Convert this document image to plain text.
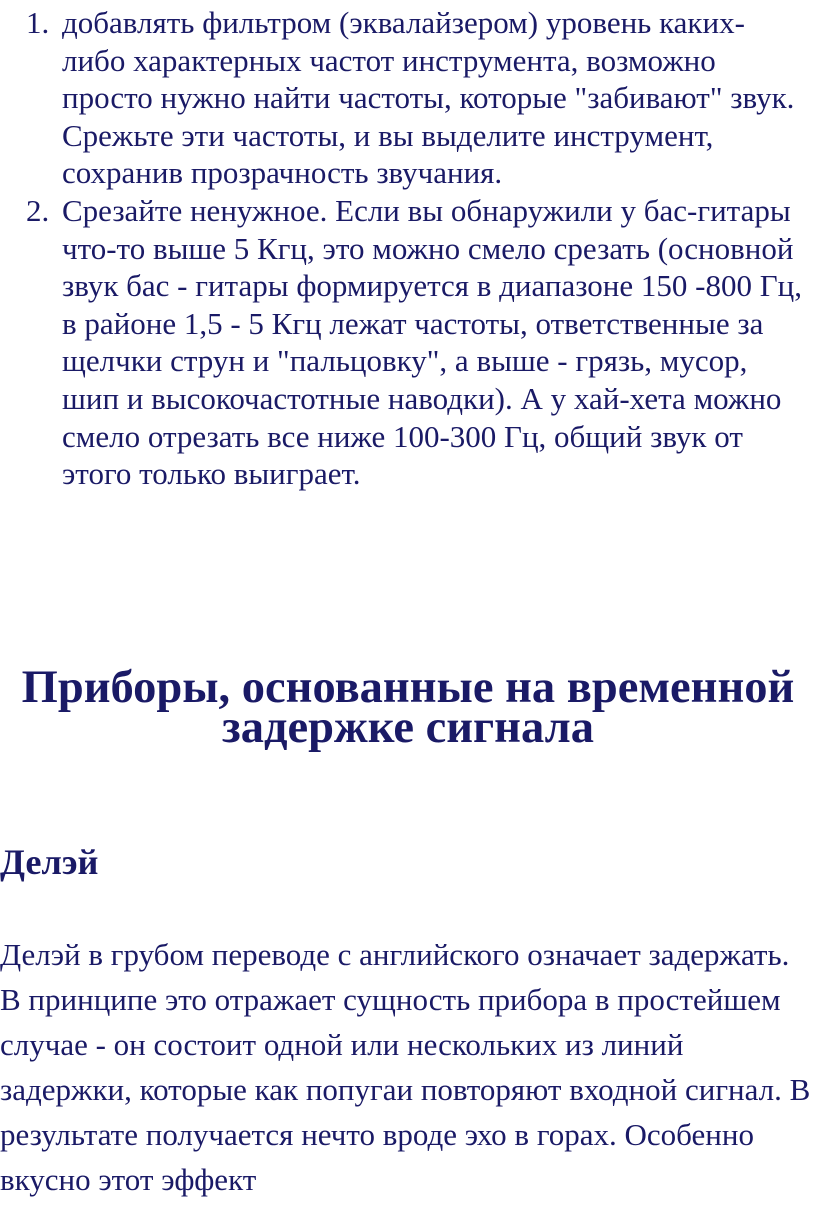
1. добавлять фильтром (эквалайзером) уровень каких-либо характерных частот инструмента, возможно просто нужно найти частоты, которые "забивают" звук. Срежьте эти частоты, и вы выделите инструмент, сохранив прозрачность звучания.
2. Срезайте ненужное. Если вы обнаружили у бас-гитары что-то выше 5 Кгц, это можно смело срезать (основной звук бас - гитары формируется в диапазоне 150 -800 Гц, в районе 1,5 - 5 Кгц лежат частоты, ответственные за щелчки струн и "пальцовку", а выше - грязь, мусор, шип и высокочастотные наводки). А у хай-хета можно смело отрезать все ниже 100-300 Гц, общий звук от этого только выиграет.
Приборы, основанные на временной задержке сигнала
Делэй

Делэй в грубом переводе с английского означает задержать. В принципе это отражает сущность прибора в простейшем случае - он состоит одной или нескольких из линий задержки, которые как попугаи повторяют входной сигнал. В результате получается нечто вроде эхо в горах. Особенно вкусно этот эффект
